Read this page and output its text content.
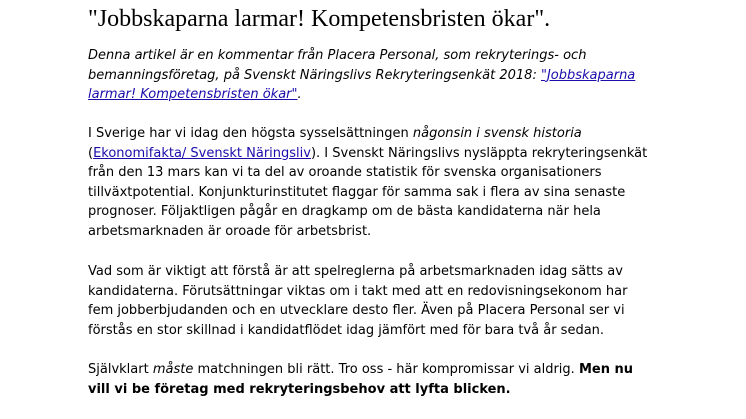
"Jobbskaparna larmar! Kompetensbristen ökar".

Denna artikel är en kommentar från Placera Personal, som rekryterings- och bemanningsföretag, på Svenskt Näringslivs Rekryteringsenkät 2018: "Jobbskaparna larmar! Kompetensbristen ökar".

I Sverige har vi idag den högsta sysselsättningen någonsin i svensk historia (Ekonomifakta/ Svenskt Näringsliv). I Svenskt Näringslivs nysläppta rekryteringsenkät från den 13 mars kan vi ta del av oroande statistik för svenska organisationers tillväxtpotential. Konjunkturinstitutet flaggar för samma sak i flera av sina senaste prognoser. Följaktligen pågår en dragkamp om de bästa kandidaterna när hela arbetsmarknaden är oroade för arbetsbrist.

Vad som är viktigt att förstå är att spelreglerna på arbetsmarknaden idag sätts av kandidaterna. Förutsättningar viktas om i takt med att en redovisningsekonom har fem jobberbjudanden och en utvecklare desto fler. Även på Placera Personal ser vi förstås en stor skillnad i kandidatflödet idag jämfört med för bara två år sedan.

Självklart måste matchningen bli rätt. Tro oss - här kompromissar vi aldrig. Men nu vill vi be företag med rekryteringsbehov att lyfta blicken.
